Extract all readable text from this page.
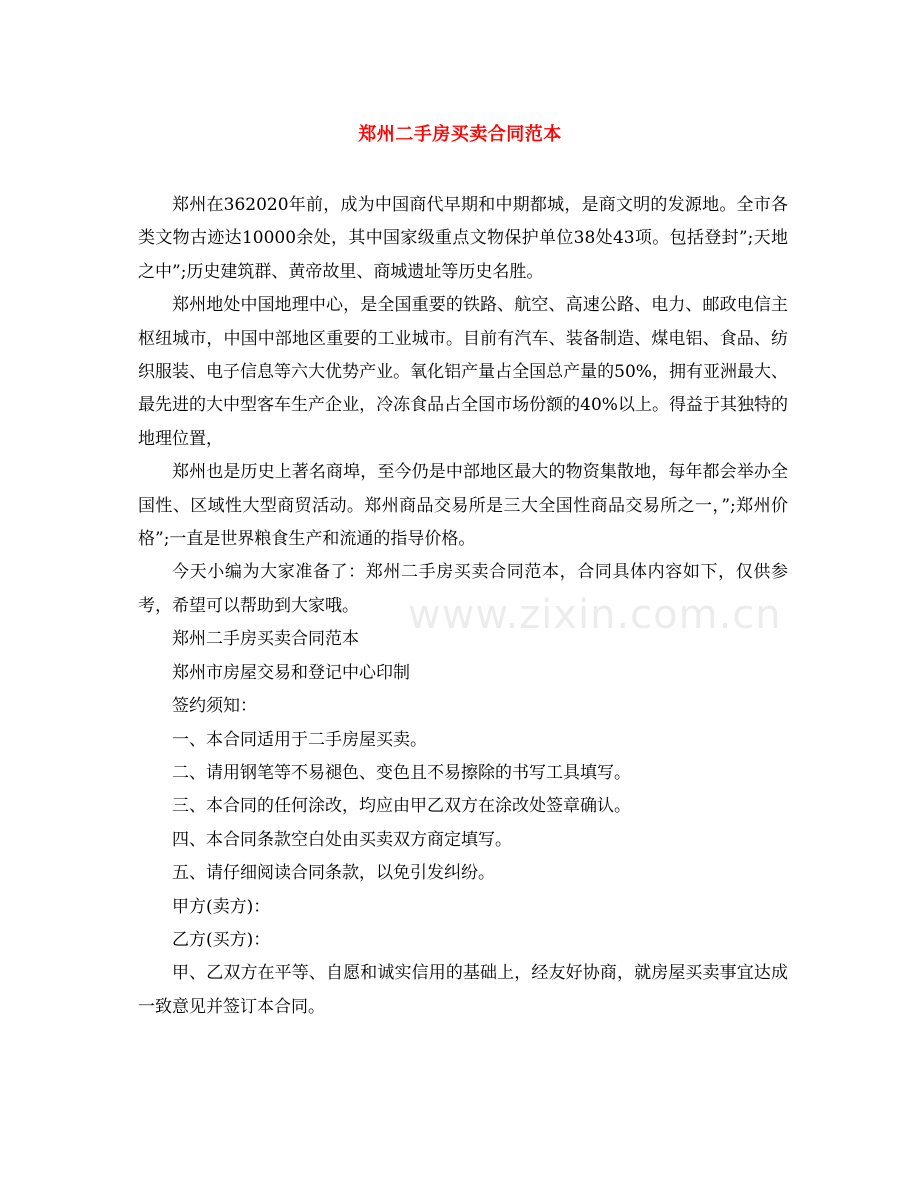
郑州二手房买卖合同范本

郑州在362020年前，成为中国商代早期和中期都城，是商文明的发源地。全市各类文物古迹达10000余处，其中国家级重点文物保护单位38处43项。包括登封”;天地之中”;历史建筑群、黄帝故里、商城遗址等历史名胜。

郑州地处中国地理中心，是全国重要的铁路、航空、高速公路、电力、邮政电信主枢纽城市，中国中部地区重要的工业城市。目前有汽车、装备制造、煤电铝、食品、纺织服装、电子信息等六大优势产业。氧化铝产量占全国总产量的50%，拥有亚洲最大、最先进的大中型客车生产企业，冷冻食品占全国市场份额的40%以上。得益于其独特的地理位置，

郑州也是历史上著名商埠，至今仍是中部地区最大的物资集散地，每年都会举办全国性、区域性大型商贸活动。郑州商品交易所是三大全国性商品交易所之一，”;郑州价格”;一直是世界粮食生产和流通的指导价格。

今天小编为大家准备了：郑州二手房买卖合同范本，合同具体内容如下，仅供参考，希望可以帮助到大家哦。

郑州二手房买卖合同范本

郑州市房屋交易和登记中心印制

签约须知：

一、本合同适用于二手房屋买卖。

二、请用钢笔等不易褪色、变色且不易擦除的书写工具填写。

三、本合同的任何涂改，均应由甲乙双方在涂改处签章确认。

四、本合同条款空白处由买卖双方商定填写。

五、请仔细阅读合同条款，以免引发纠纷。

甲方(卖方)：

乙方(买方)：

甲、乙双方在平等、自愿和诚实信用的基础上，经友好协商，就房屋买卖事宜达成一致意见并签订本合同。

www.zixin.com.cn
